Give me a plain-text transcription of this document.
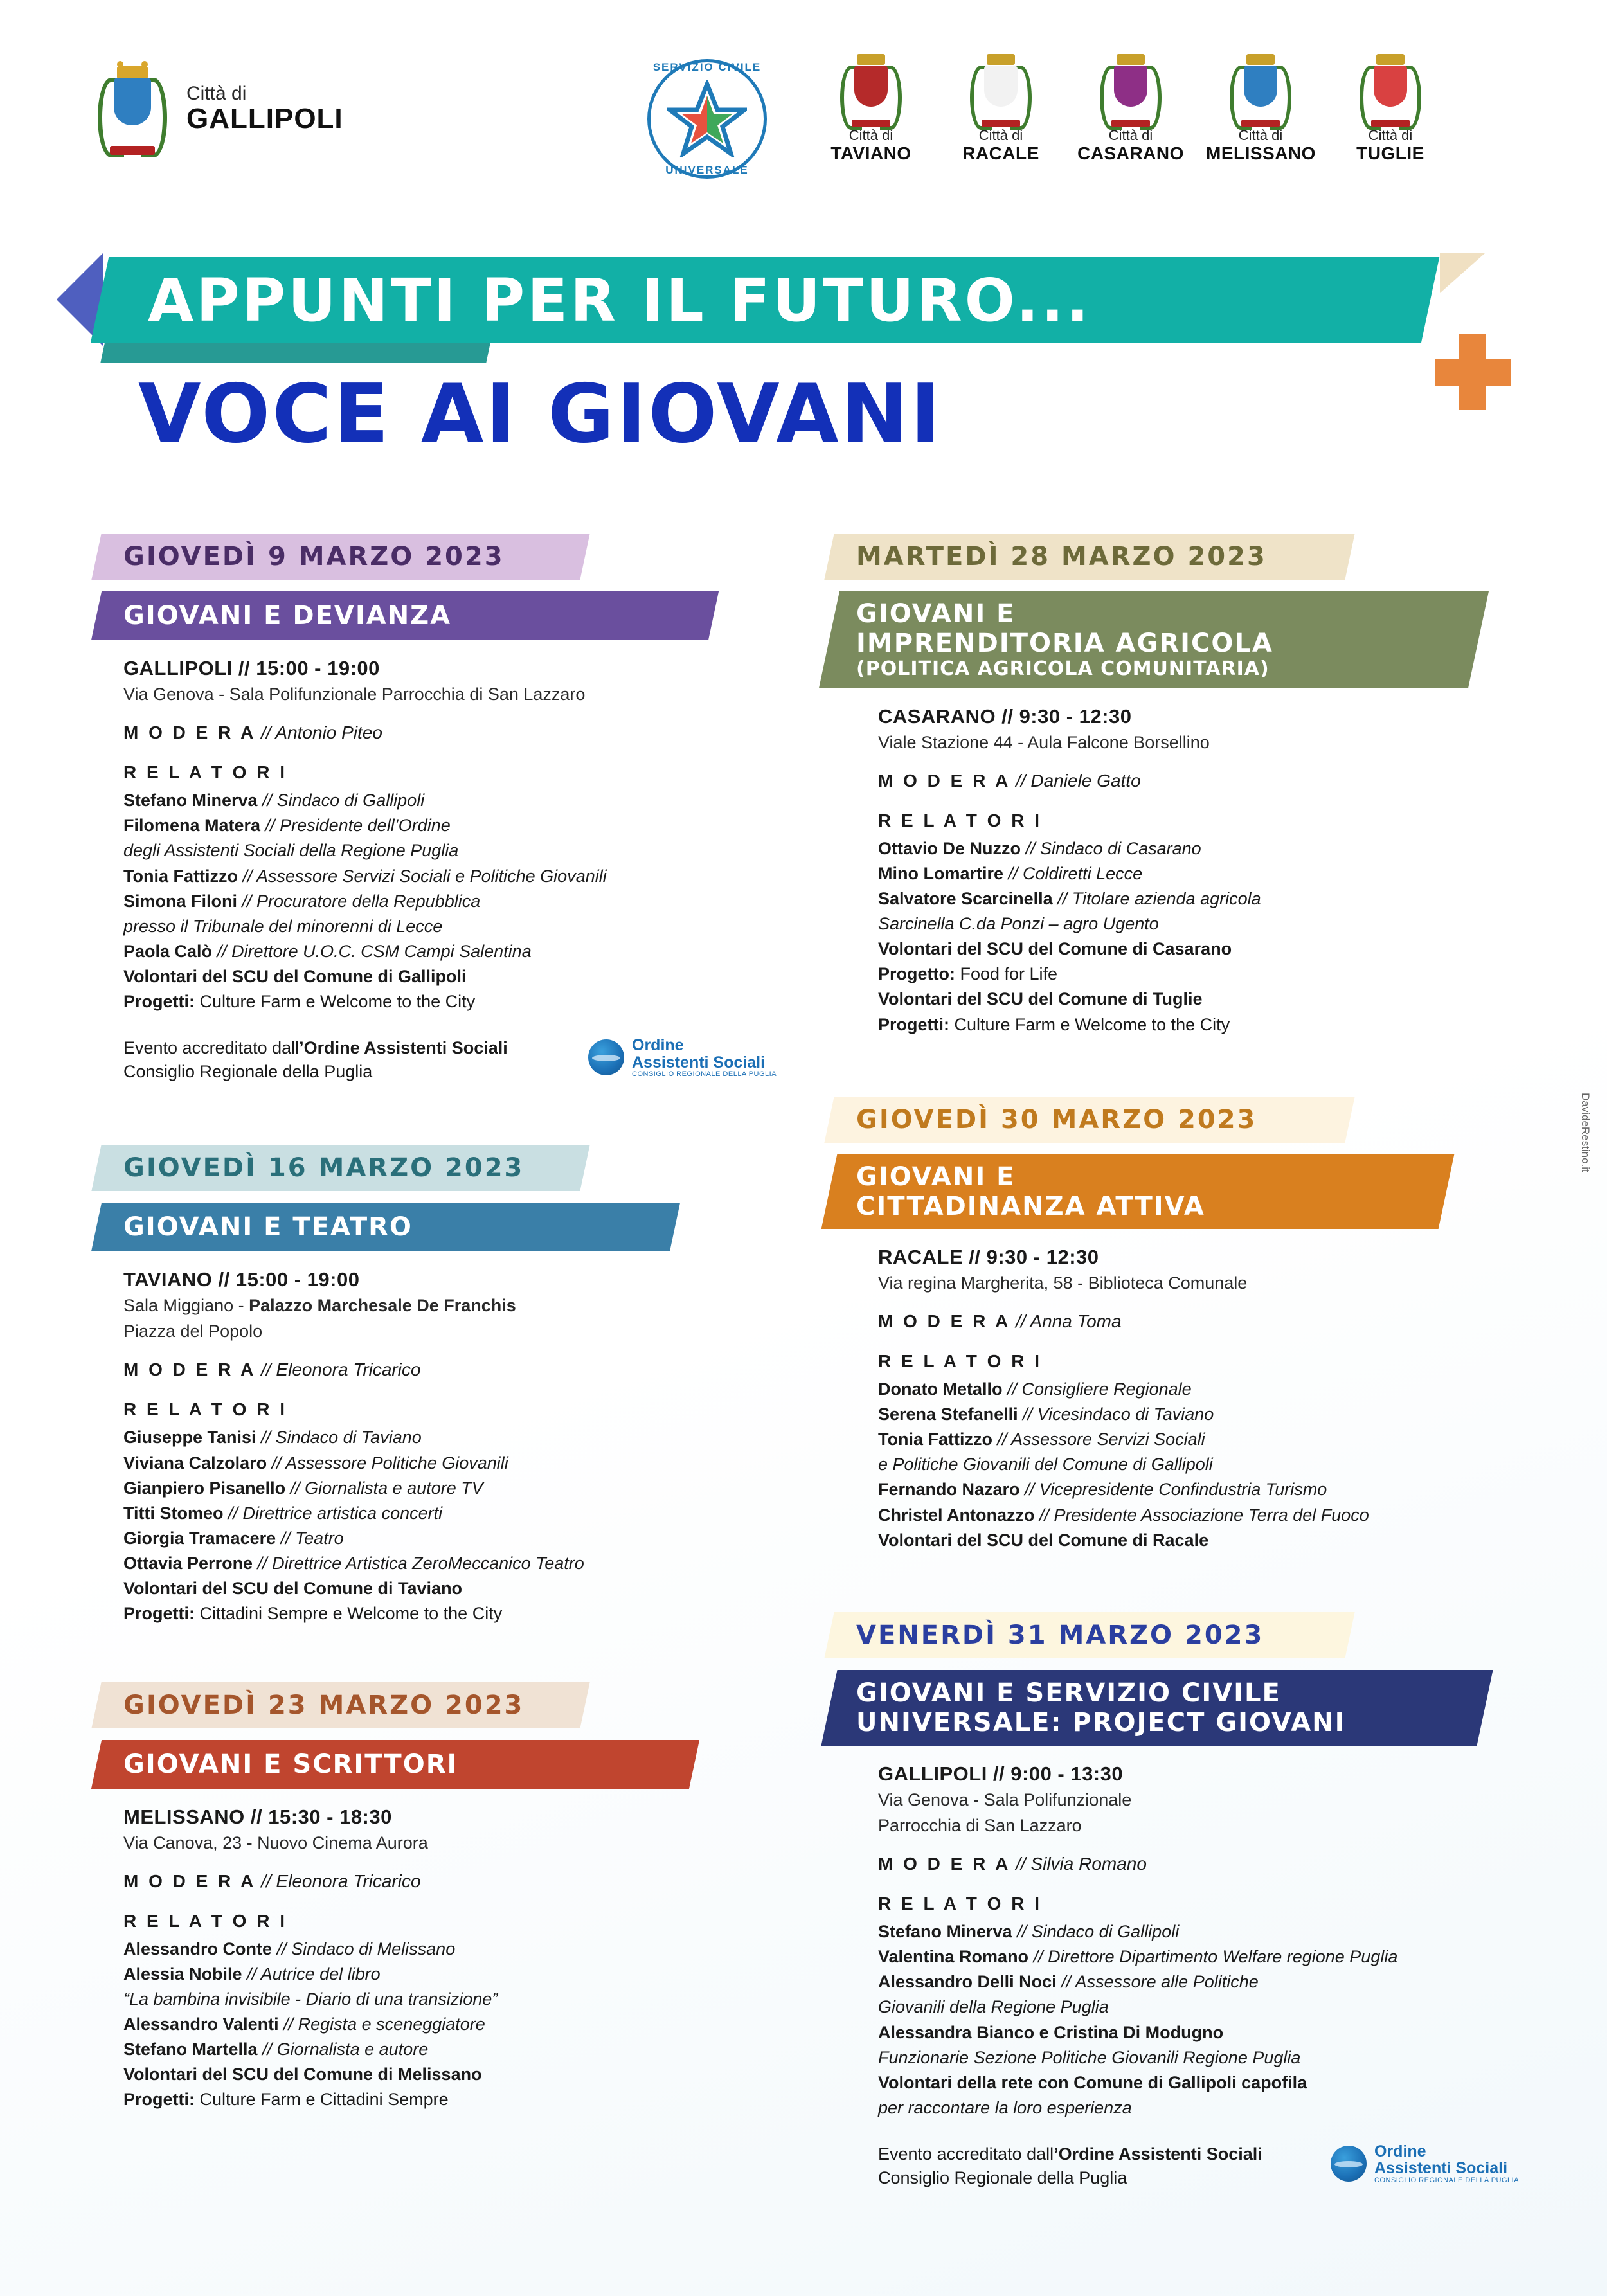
Città di
GALLIPOLI
SERVIZIO CIVILE
UNIVERSALE
Città di
TAVIANO
Città di
RACALE
Città di
CASARANO
Città di
MELISSANO
Città di
TUGLIE
APPUNTI PER IL FUTURO...
VOCE AI GIOVANI
DavideRestino.it
GIOVEDÌ 9 MARZO 2023
GIOVANI E DEVIANZA
GALLIPOLI // 15:00 - 19:00
Via Genova - Sala Polifunzionale Parrocchia di San Lazzaro
M O D E R A // Antonio Piteo
R E L A T O R I
Stefano Minerva // Sindaco di Gallipoli
Filomena Matera // Presidente dell’Ordine
degli Assistenti Sociali della Regione Puglia
Tonia Fattizzo // Assessore Servizi Sociali e Politiche Giovanili
Simona Filoni // Procuratore della Repubblica
presso il Tribunale del minorenni di Lecce
Paola Calò // Direttore U.O.C. CSM Campi Salentina
Volontari del SCU del Comune di Gallipoli
Progetti: Culture Farm e Welcome to the City
Evento accreditato dall’Ordine Assistenti Sociali
Consiglio Regionale della Puglia
Ordine
Assistenti Sociali
CONSIGLIO REGIONALE DELLA PUGLIA
GIOVEDÌ 16 MARZO 2023
GIOVANI E TEATRO
TAVIANO // 15:00 - 19:00
Sala Miggiano - Palazzo Marchesale De Franchis
Piazza del Popolo
M O D E R A // Eleonora Tricarico
R E L A T O R I
Giuseppe Tanisi // Sindaco di Taviano
Viviana Calzolaro // Assessore Politiche Giovanili
Gianpiero Pisanello // Giornalista e autore TV
Titti Stomeo // Direttrice artistica concerti
Giorgia Tramacere // Teatro
Ottavia Perrone // Direttrice Artistica ZeroMeccanico Teatro
Volontari del SCU del Comune di Taviano
Progetti: Cittadini Sempre e Welcome to the City
GIOVEDÌ 23 MARZO 2023
GIOVANI E SCRITTORI
MELISSANO // 15:30 - 18:30
Via Canova, 23 - Nuovo Cinema Aurora
M O D E R A // Eleonora Tricarico
R E L A T O R I
Alessandro Conte // Sindaco di Melissano
Alessia Nobile // Autrice del libro
“La bambina invisibile - Diario di una transizione”
Alessandro Valenti // Regista e sceneggiatore
Stefano Martella // Giornalista e autore
Volontari del SCU del Comune di Melissano
Progetti: Culture Farm e Cittadini Sempre
MARTEDÌ 28 MARZO 2023
GIOVANI E
IMPRENDITORIA AGRICOLA
(POLITICA AGRICOLA COMUNITARIA)
CASARANO // 9:30 - 12:30
Viale Stazione 44 - Aula Falcone Borsellino
M O D E R A // Daniele Gatto
R E L A T O R I
Ottavio De Nuzzo // Sindaco di Casarano
Mino Lomartire // Coldiretti Lecce
Salvatore Scarcinella // Titolare azienda agricola
Sarcinella C.da Ponzi – agro Ugento
Volontari del SCU del Comune di Casarano
Progetto: Food for Life
Volontari del SCU del Comune di Tuglie
Progetti: Culture Farm e Welcome to the City
GIOVEDÌ 30 MARZO 2023
GIOVANI E
CITTADINANZA ATTIVA
RACALE // 9:30 - 12:30
Via regina Margherita, 58 - Biblioteca Comunale
M O D E R A // Anna Toma
R E L A T O R I
Donato Metallo // Consigliere Regionale
Serena Stefanelli // Vicesindaco di Taviano
Tonia Fattizzo // Assessore Servizi Sociali
e Politiche Giovanili del Comune di Gallipoli
Fernando Nazaro // Vicepresidente Confindustria Turismo
Christel Antonazzo // Presidente Associazione Terra del Fuoco
Volontari del SCU del Comune di Racale
VENERDÌ 31 MARZO 2023
GIOVANI E SERVIZIO CIVILE
UNIVERSALE: PROJECT GIOVANI
GALLIPOLI // 9:00 - 13:30
Via Genova - Sala Polifunzionale
Parrocchia di San Lazzaro
M O D E R A // Silvia Romano
R E L A T O R I
Stefano Minerva // Sindaco di Gallipoli
Valentina Romano // Direttore Dipartimento Welfare regione Puglia
Alessandro Delli Noci // Assessore alle Politiche
Giovanili della Regione Puglia
Alessandra Bianco e Cristina Di Modugno
Funzionarie Sezione Politiche Giovanili Regione Puglia
Volontari della rete con Comune di Gallipoli capofila
per raccontare la loro esperienza
Evento accreditato dall’Ordine Assistenti Sociali
Consiglio Regionale della Puglia
Ordine
Assistenti Sociali
CONSIGLIO REGIONALE DELLA PUGLIA
